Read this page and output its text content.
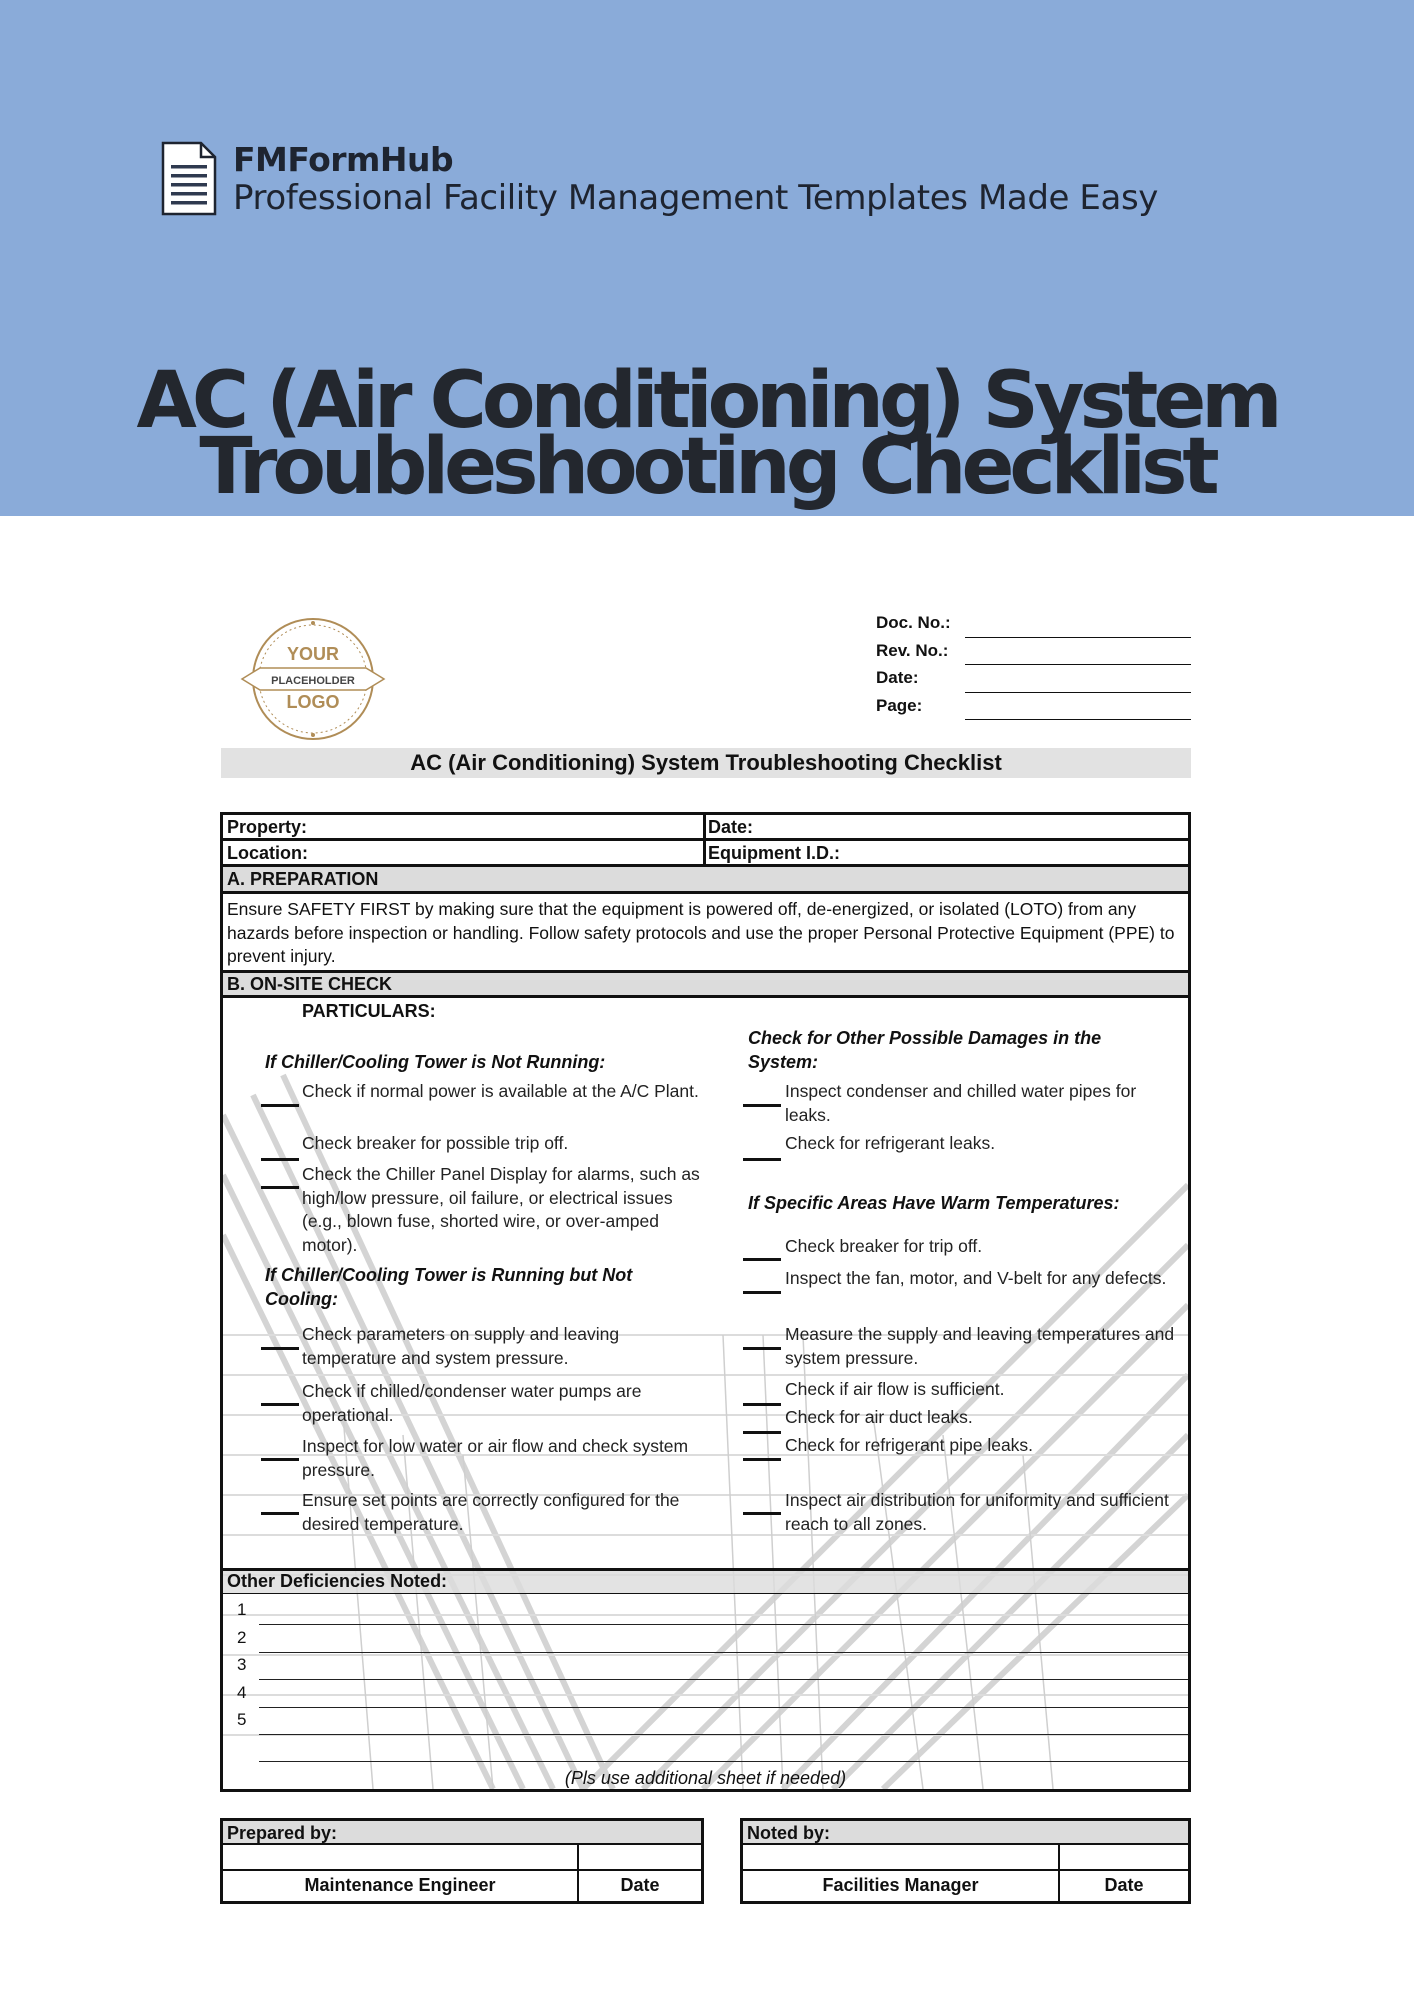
FMFormHub
Professional Facility Management Templates Made Easy
AC (Air Conditioning) System
Troubleshooting Checklist
YOUR
PLACEHOLDER
LOGO
Doc. No.:
Rev. No.:
Date:
Page:
AC (Air Conditioning) System Troubleshooting Checklist
Property:	Date:
Location:	Equipment I.D.:
A. PREPARATION
Ensure SAFETY FIRST by making sure that the equipment is powered off, de-energized, or isolated (LOTO) from any hazards before inspection or handling. Follow safety protocols and use the proper Personal Protective Equipment (PPE) to prevent injury.
B. ON-SITE CHECK
PARTICULARS:
If Chiller/Cooling Tower is Not Running:
Check if normal power is available at the A/C Plant.
Check breaker for possible trip off.
Check the Chiller Panel Display for alarms, such as high/low pressure, oil failure, or electrical issues (e.g., blown fuse, shorted wire, or over-amped motor).
If Chiller/Cooling Tower is Running but Not Cooling:
Check parameters on supply and leaving temperature and system pressure.
Check if chilled/condenser water pumps are operational.
Inspect for low water or air flow and check system pressure.
Ensure set points are correctly configured for the desired temperature.
Check for Other Possible Damages in the System:
Inspect condenser and chilled water pipes for leaks.
Check for refrigerant leaks.
If Specific Areas Have Warm Temperatures:
Check breaker for trip off.
Inspect the fan, motor, and V-belt for any defects.
Measure the supply and leaving temperatures and system pressure.
Check if air flow is sufficient.
Check for air duct leaks.
Check for refrigerant pipe leaks.
Inspect air distribution for uniformity and sufficient reach to all zones.
Other Deficiencies Noted:
1
2
3
4
5
(Pls use additional sheet if needed)
Prepared by:
Maintenance Engineer	Date
Noted by:
Facilities Manager	Date
